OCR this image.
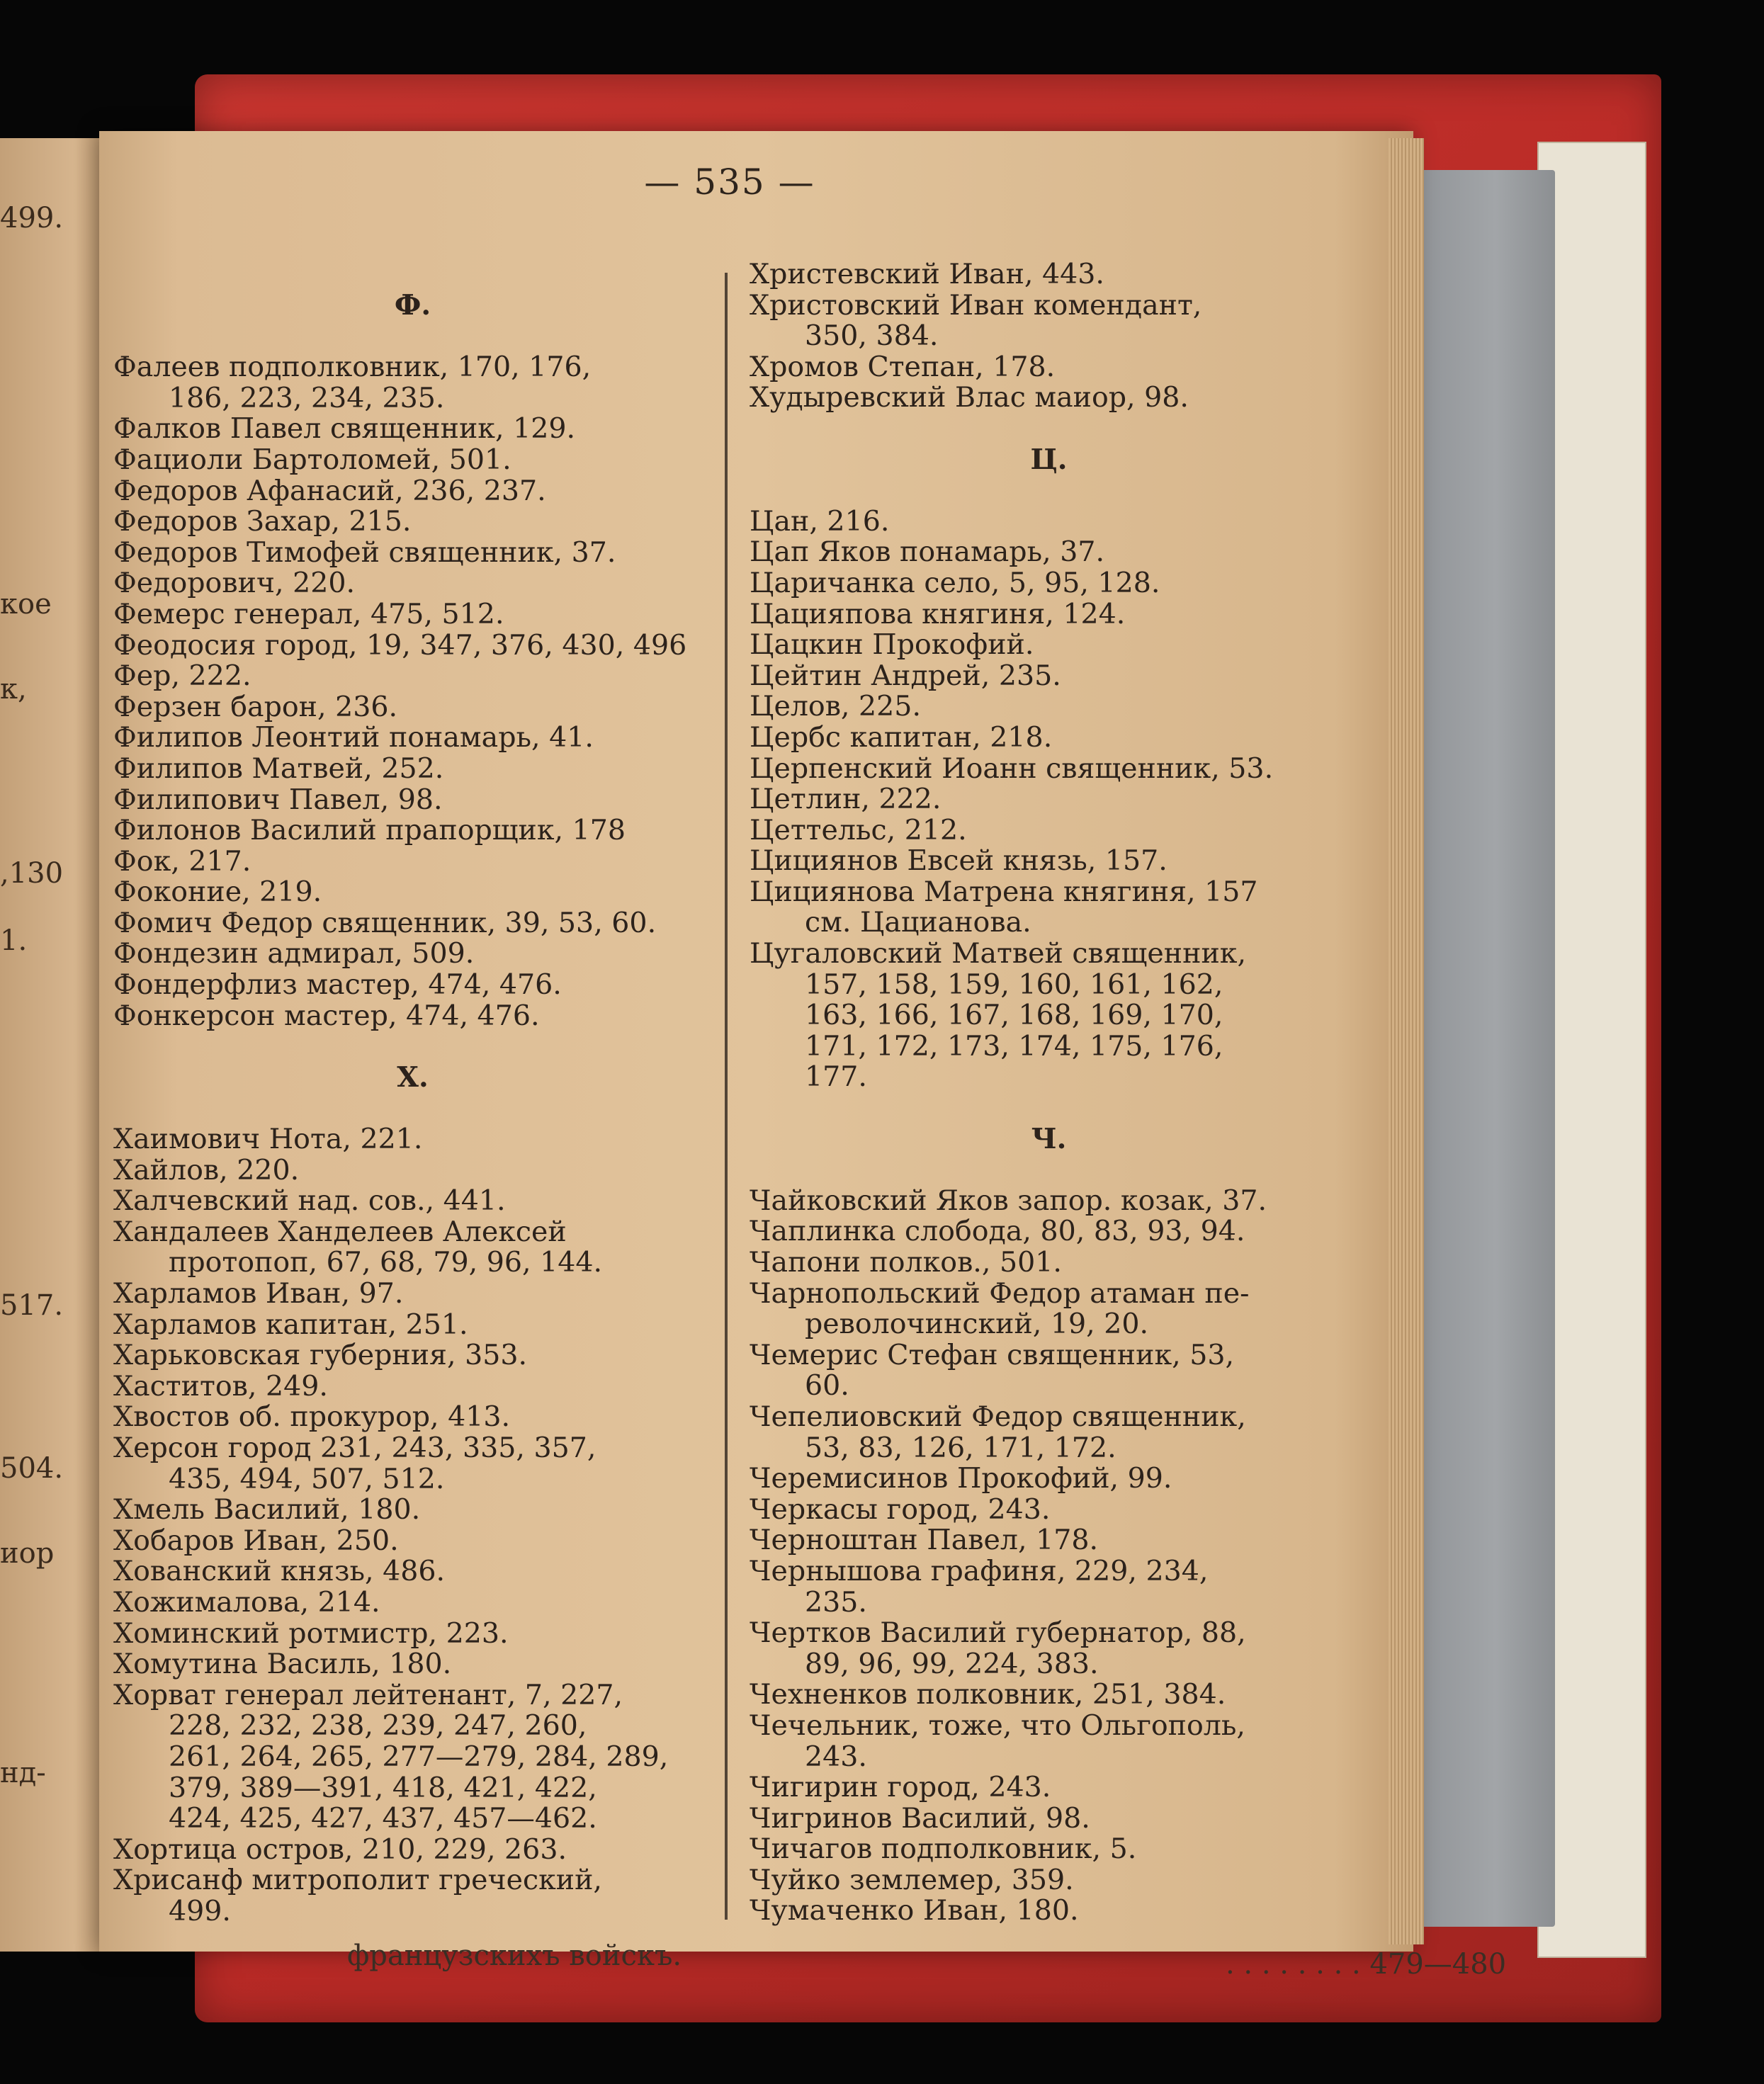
499.
кое
к,
,130
1.
517.
504.
иор
нд-
французскихъ войскъ.	. . . . . . . . 479—480
— 535 —
Ф.
Фалеев подполковник, 170, 176,
186, 223, 234, 235.
Фалков Павел священник, 129.
Фациоли Бартоломей, 501.
Федоров Афанасий, 236, 237.
Федоров Захар, 215.
Федоров Тимофей священник, 37.
Федорович, 220.
Фемерс генерал, 475, 512.
Феодосия город, 19, 347, 376, 430, 496
Фер, 222.
Ферзен барон, 236.
Филипов Леонтий понамарь, 41.
Филипов Матвей, 252.
Филипович Павел, 98.
Филонов Василий прапорщик, 178
Фок, 217.
Фоконие, 219.
Фомич Федор священник, 39, 53, 60.
Фондезин адмирал, 509.
Фондерфлиз мастер, 474, 476.
Фонкерсон мастер, 474, 476.
Х.
Хаимович Нота, 221.
Хайлов, 220.
Халчевский над. сов., 441.
Хандалеев Ханделеев Алексей
протопоп, 67, 68, 79, 96, 144.
Харламов Иван, 97.
Харламов капитан, 251.
Харьковская губерния, 353.
Хаститов, 249.
Хвостов об. прокурор, 413.
Херсон город 231, 243, 335, 357,
435, 494, 507, 512.
Хмель Василий, 180.
Хобаров Иван, 250.
Хованский князь, 486.
Хожималова, 214.
Хоминский ротмистр, 223.
Хомутина Василь, 180.
Хорват генерал лейтенант, 7, 227,
228, 232, 238, 239, 247, 260,
261, 264, 265, 277—279, 284, 289,
379, 389—391, 418, 421, 422,
424, 425, 427, 437, 457—462.
Хортица остров, 210, 229, 263.
Хрисанф митрополит греческий,
499.
Христевский Иван, 443.
Христовский Иван комендант,
350, 384.
Хромов Степан, 178.
Худыревский Влас маиор, 98.
Ц.
Цан, 216.
Цап Яков понамарь, 37.
Цаpичанка село, 5, 95, 128.
Цацияпова княгиня, 124.
Цацкин Прокофий.
Цейтин Андрей, 235.
Целов, 225.
Цербс капитан, 218.
Церпенский Иоанн священник, 53.
Цетлин, 222.
Цеттельс, 212.
Цициянов Евсей князь, 157.
Цициянова Матрена княгиня, 157
см. Цацианова.
Цугаловский Матвей священник,
157, 158, 159, 160, 161, 162,
163, 166, 167, 168, 169, 170,
171, 172, 173, 174, 175, 176,
177.
Ч.
Чайковский Яков запор. козак, 37.
Чаплинка слобода, 80, 83, 93, 94.
Чапони полков., 501.
Чарнопольский Федор атаман пе-
револочинский, 19, 20.
Чемерис Стефан священник, 53,
60.
Чепелиовский Федор священник,
53, 83, 126, 171, 172.
Черемисинов Прокофий, 99.
Черкасы город, 243.
Черноштан Павел, 178.
Чернышова графиня, 229, 234,
235.
Чертков Василий губернатор, 88,
89, 96, 99, 224, 383.
Чехненков полковник, 251, 384.
Чечельник, тоже, что Ольгополь,
243.
Чигирин город, 243.
Чигринов Василий, 98.
Чичагов подполковник, 5.
Чуйко землемер, 359.
Чумаченко Иван, 180.
